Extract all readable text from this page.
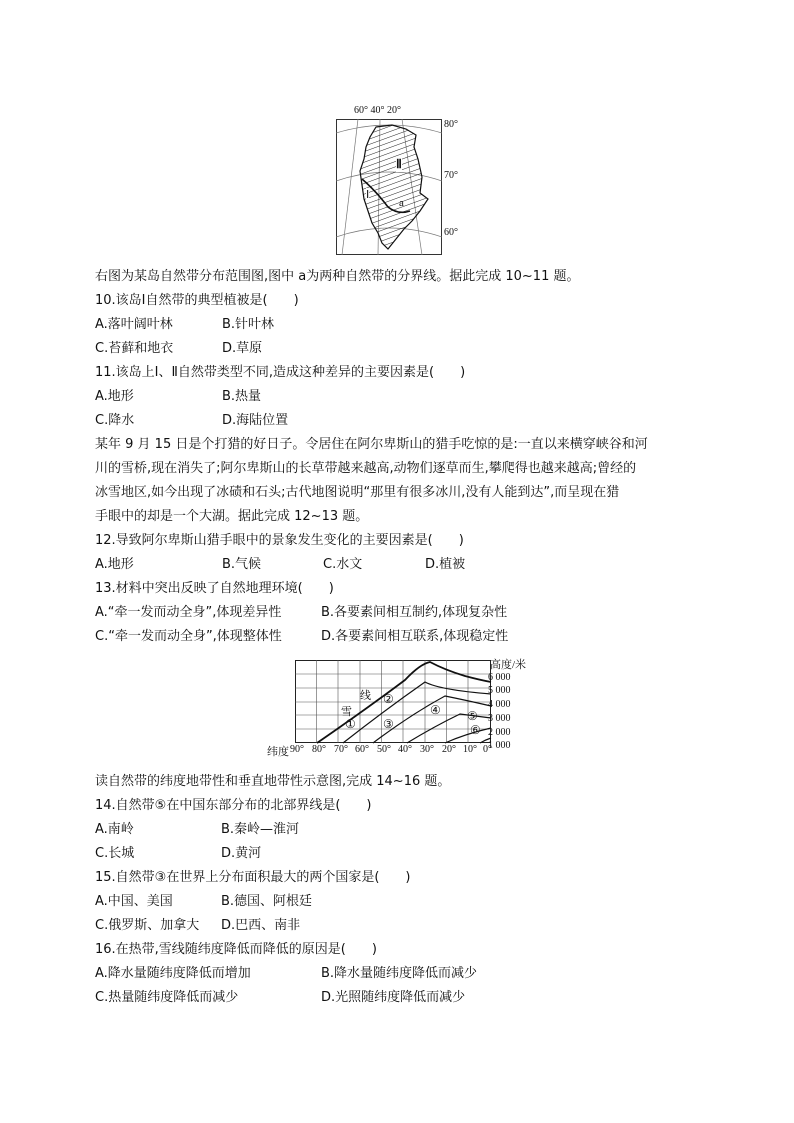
60° 40° 20°
Ⅱ
Ⅰ
a
80°
70°
60°
右图为某岛自然带分布范围图,图中 a为两种自然带的分界线。据此完成 10~11 题。
10.该岛Ⅰ自然带的典型植被是(　　)
A.落叶阔叶林	B.针叶林
C.苔藓和地衣	D.草原
11.该岛上Ⅰ、Ⅱ自然带类型不同,造成这种差异的主要因素是(　　)
A.地形	B.热量
C.降水	D.海陆位置
某年 9 月 15 日是个打猎的好日子。令居住在阿尔卑斯山的猎手吃惊的是:一直以来横穿峡谷和河
川的雪桥,现在消失了;阿尔卑斯山的长草带越来越高,动物们逐草而生,攀爬得也越来越高;曾经的
冰雪地区,如今出现了冰碛和石头;古代地图说明“那里有很多冰川,没有人能到达”,而呈现在猎
手眼中的却是一个大湖。据此完成 12~13 题。
12.导致阿尔卑斯山猎手眼中的景象发生变化的主要因素是(　　)
A.地形	B.气候	C.水文	D.植被
13.材料中突出反映了自然地理环境(　　)
A.“牵一发而动全身”,体现差异性	B.各要素间相互制约,体现复杂性
C.“牵一发而动全身”,体现整体性	D.各要素间相互联系,体现稳定性
线
雪
①
②
③
④ ⑤
⑥
高度/米
6 000
5 000
4 000
3 000
2 000
1 000
纬度 90° 80° 70° 60° 50° 40° 30° 20° 10° 0°
读自然带的纬度地带性和垂直地带性示意图,完成 14~16 题。
14.自然带⑤在中国东部分布的北部界线是(　　)
A.南岭	B.秦岭—淮河
C.长城	D.黄河
15.自然带③在世界上分布面积最大的两个国家是(　　)
A.中国、美国	B.德国、阿根廷
C.俄罗斯、加拿大 D.巴西、南非
16.在热带,雪线随纬度降低而降低的原因是(　　)
A.降水量随纬度降低而增加	B.降水量随纬度降低而减少
C.热量随纬度降低而减少	D.光照随纬度降低而减少
